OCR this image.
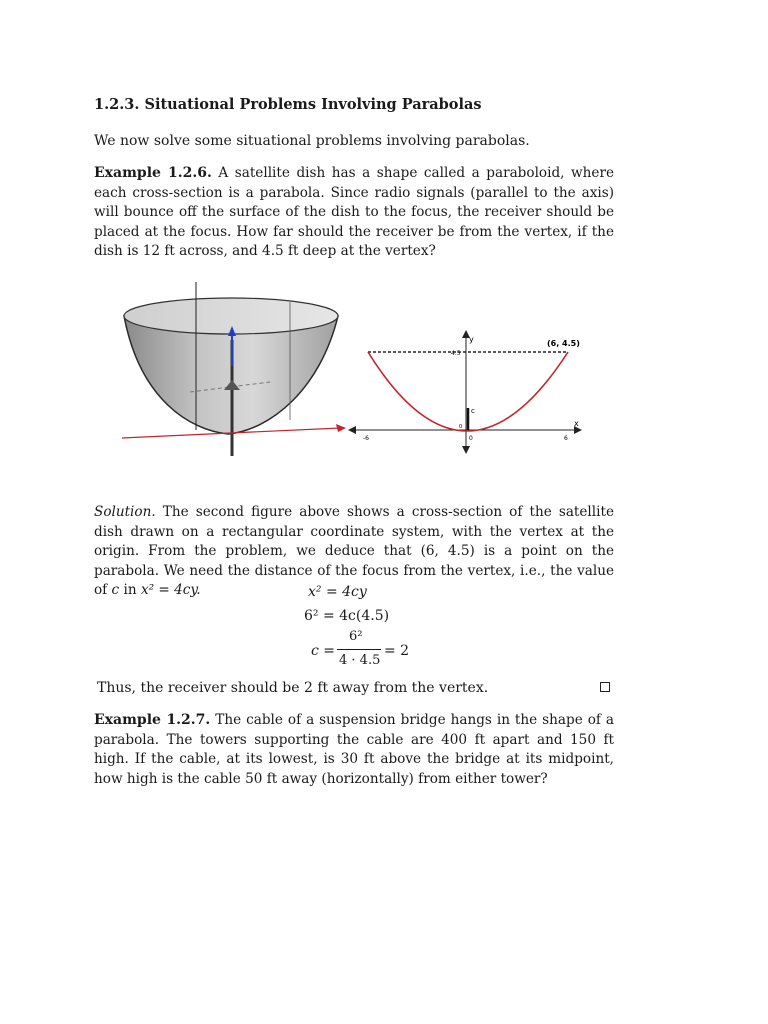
1.2.3. Situational Problems Involving Parabolas
We now solve some situational problems involving parabolas.
Example 1.2.6. A satellite dish has a shape called a paraboloid, where each cross-section is a parabola. Since radio signals (parallel to the axis) will bounce off the surface of the dish to the focus, the receiver should be placed at the focus. How far should the receiver be from the vertex, if the dish is 12 ft across, and 4.5 ft deep at the vertex?
(6, 4.5)
y
x
c
4.5
-6	6
0
0
Solution. The second figure above shows a cross-section of the satellite dish drawn on a rectangular coordinate system, with the vertex at the origin. From the problem, we deduce that (6, 4.5) is a point on the parabola. We need the distance of the focus from the vertex, i.e., the value of c in x² = 4cy.	x² = 4cy
6² = 4c(4.5)
c =
6²
4 · 4.5
= 2
Thus, the receiver should be 2 ft away from the vertex.
Example 1.2.7. The cable of a suspension bridge hangs in the shape of a parabola. The towers supporting the cable are 400 ft apart and 150 ft high. If the cable, at its lowest, is 30 ft above the bridge at its midpoint, how high is the cable 50 ft away (horizontally) from either tower?
